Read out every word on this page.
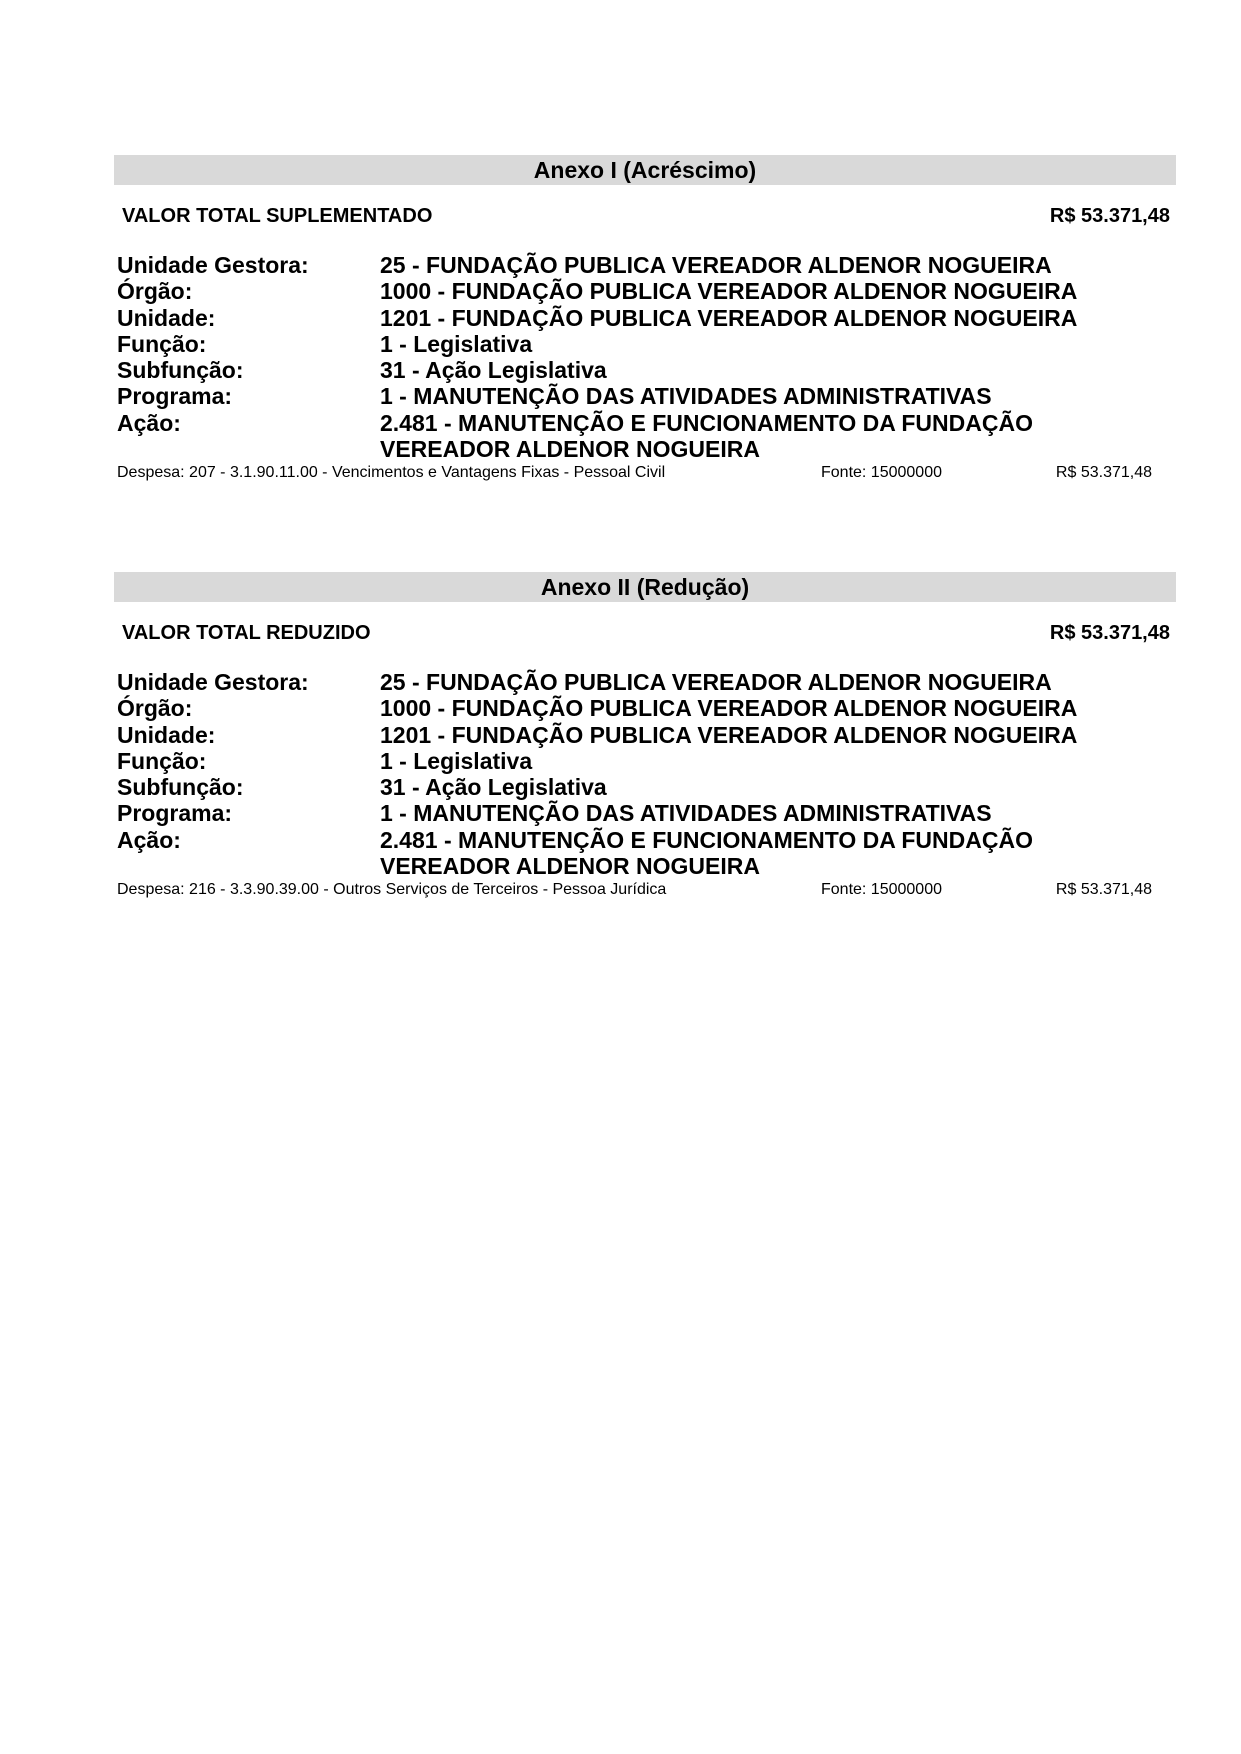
Anexo I (Acréscimo)
VALOR TOTAL SUPLEMENTADO	R$ 53.371,48
Unidade Gestora:	25 - FUNDAÇÃO PUBLICA VEREADOR ALDENOR NOGUEIRA
Órgão:	1000 - FUNDAÇÃO PUBLICA VEREADOR ALDENOR NOGUEIRA
Unidade:	1201 - FUNDAÇÃO PUBLICA VEREADOR ALDENOR NOGUEIRA
Função:	1 - Legislativa
Subfunção:	31 - Ação Legislativa
Programa:	1 - MANUTENÇÃO DAS ATIVIDADES ADMINISTRATIVAS
Ação:	2.481 - MANUTENÇÃO E FUNCIONAMENTO DA FUNDAÇÃO VEREADOR ALDENOR NOGUEIRA
Despesa: 207 - 3.1.90.11.00 - Vencimentos e Vantagens Fixas - Pessoal Civil	Fonte: 15000000	R$ 53.371,48
Anexo II (Redução)
VALOR TOTAL REDUZIDO	R$ 53.371,48
Unidade Gestora:	25 - FUNDAÇÃO PUBLICA VEREADOR ALDENOR NOGUEIRA
Órgão:	1000 - FUNDAÇÃO PUBLICA VEREADOR ALDENOR NOGUEIRA
Unidade:	1201 - FUNDAÇÃO PUBLICA VEREADOR ALDENOR NOGUEIRA
Função:	1 - Legislativa
Subfunção:	31 - Ação Legislativa
Programa:	1 - MANUTENÇÃO DAS ATIVIDADES ADMINISTRATIVAS
Ação:	2.481 - MANUTENÇÃO E FUNCIONAMENTO DA FUNDAÇÃO VEREADOR ALDENOR NOGUEIRA
Despesa: 216 - 3.3.90.39.00 - Outros Serviços de Terceiros - Pessoa Jurídica	Fonte: 15000000	R$ 53.371,48
